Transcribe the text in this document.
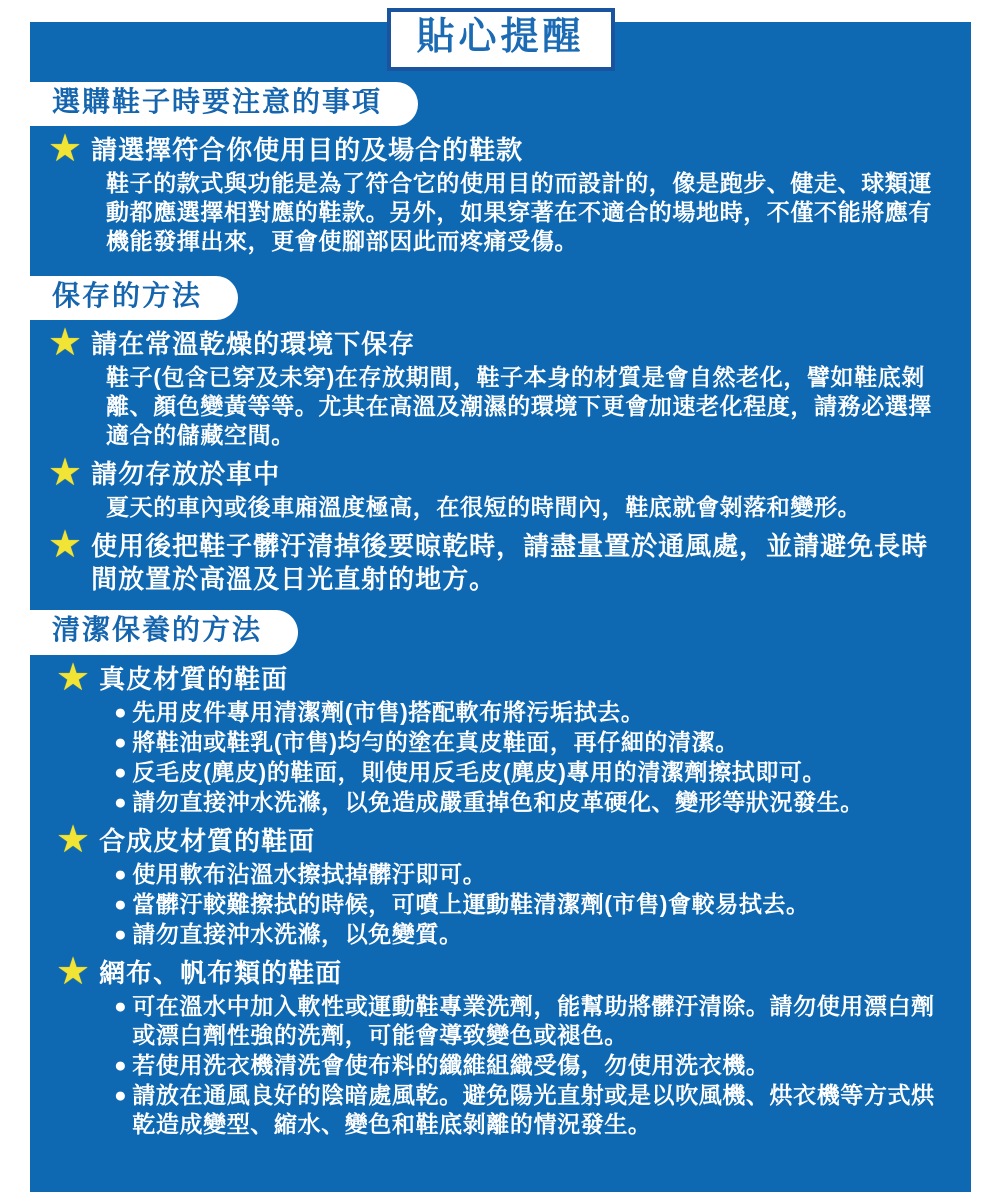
貼心提醒
選購鞋子時要注意的事項
★ 請選擇符合你使用目的及場合的鞋款
鞋子的款式與功能是為了符合它的使用目的而設計的，像是跑步、健走、球類運動都應選擇相對應的鞋款。另外，如果穿著在不適合的場地時，不僅不能將應有機能發揮出來，更會使腳部因此而疼痛受傷。
保存的方法
★ 請在常溫乾燥的環境下保存
鞋子(包含已穿及未穿)在存放期間，鞋子本身的材質是會自然老化，譬如鞋底剝離、顏色變黃等等。尤其在高溫及潮濕的環境下更會加速老化程度，請務必選擇適合的儲藏空間。
★ 請勿存放於車中
夏天的車內或後車廂溫度極高，在很短的時間內，鞋底就會剝落和變形。
★ 使用後把鞋子髒汙清掉後要晾乾時，請盡量置於通風處，並請避免長時間放置於高溫及日光直射的地方。
清潔保養的方法
★ 真皮材質的鞋面
● 先用皮件專用清潔劑(市售)搭配軟布將污垢拭去。
● 將鞋油或鞋乳(市售)均勻的塗在真皮鞋面，再仔細的清潔。
● 反毛皮(麂皮)的鞋面，則使用反毛皮(麂皮)專用的清潔劑擦拭即可。
● 請勿直接沖水洗滌，以免造成嚴重掉色和皮革硬化、變形等狀況發生。
★ 合成皮材質的鞋面
● 使用軟布沾溫水擦拭掉髒汙即可。
● 當髒汙較難擦拭的時候，可噴上運動鞋清潔劑(市售)會較易拭去。
● 請勿直接沖水洗滌，以免變質。
★ 網布、帆布類的鞋面
● 可在溫水中加入軟性或運動鞋專業洗劑，能幫助將髒汙清除。請勿使用漂白劑或漂白劑性強的洗劑，可能會導致變色或褪色。
● 若使用洗衣機清洗會使布料的纖維組織受傷，勿使用洗衣機。
● 請放在通風良好的陰暗處風乾。避免陽光直射或是以吹風機、烘衣機等方式烘乾造成變型、縮水、變色和鞋底剝離的情況發生。
